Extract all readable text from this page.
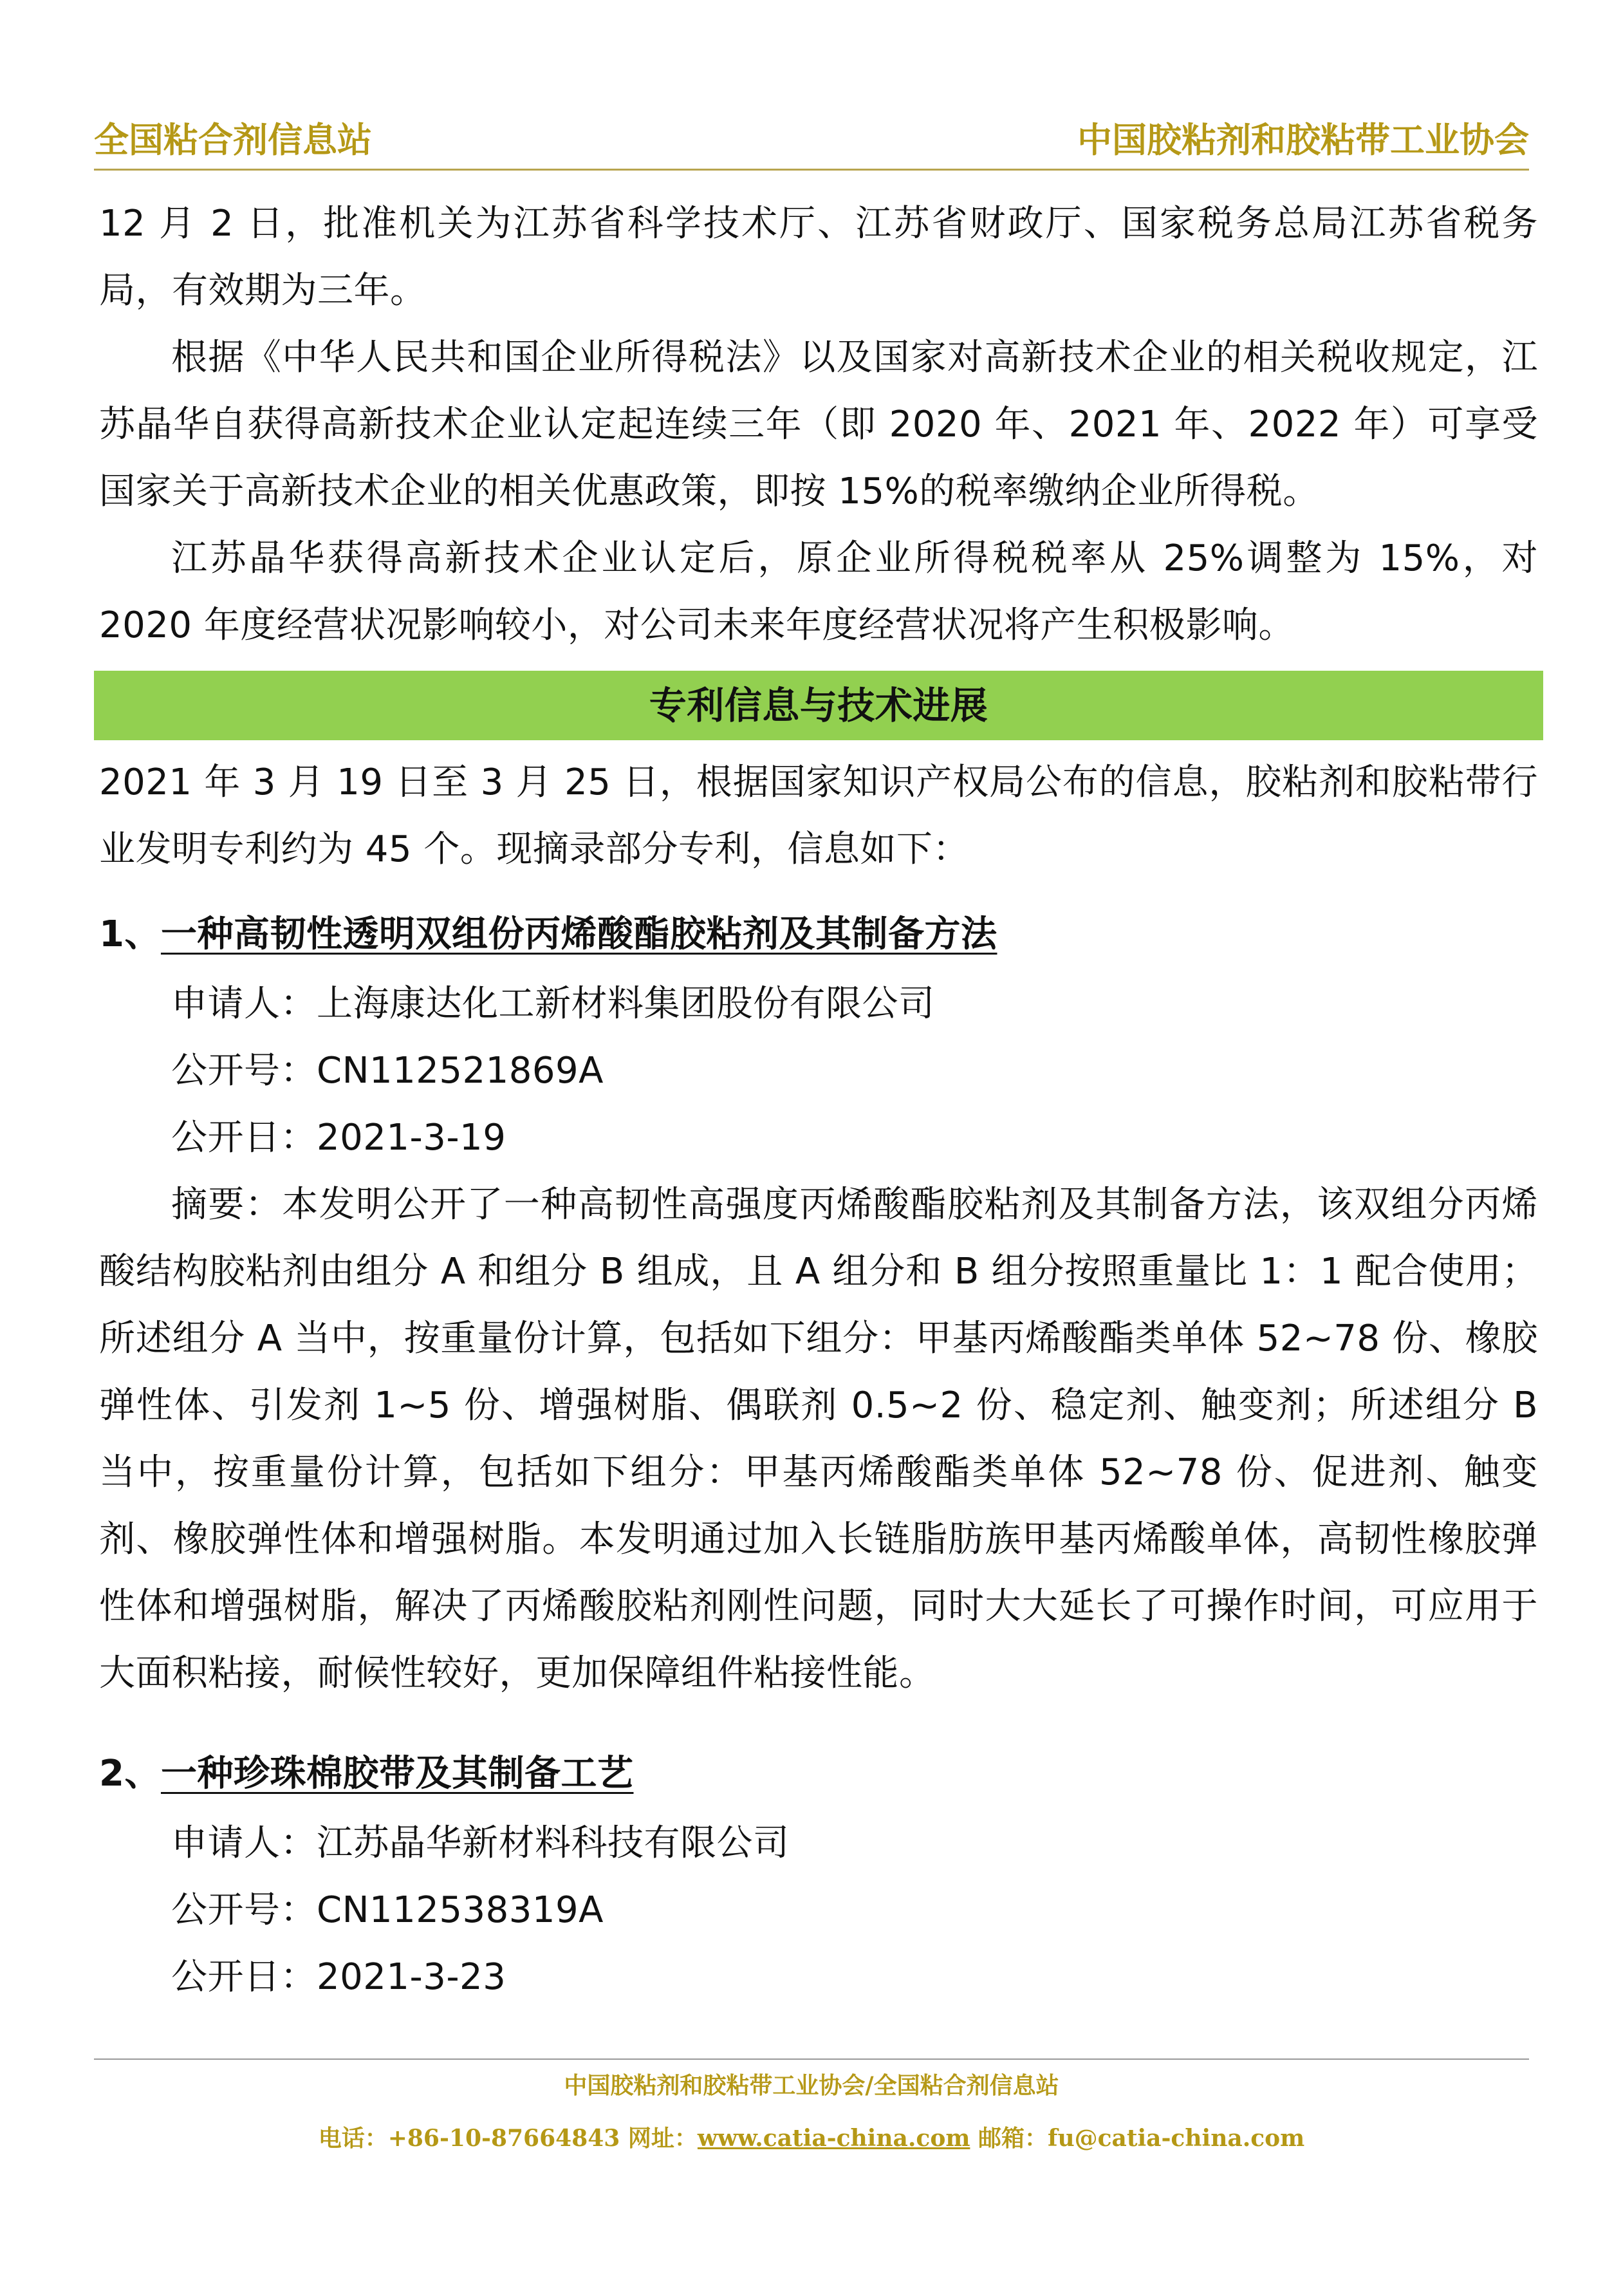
全国粘合剂信息站	中国胶粘剂和胶粘带工业协会

12 月 2 日，批准机关为江苏省科学技术厅、江苏省财政厅、国家税务总局江苏省税务局，有效期为三年。

根据《中华人民共和国企业所得税法》以及国家对高新技术企业的相关税收规定，江苏晶华自获得高新技术企业认定起连续三年（即 2020 年、2021 年、2022 年）可享受国家关于高新技术企业的相关优惠政策，即按 15%的税率缴纳企业所得税。

江苏晶华获得高新技术企业认定后，原企业所得税税率从 25%调整为 15%，对 2020 年度经营状况影响较小，对公司未来年度经营状况将产生积极影响。

专利信息与技术进展

2021 年 3 月 19 日至 3 月 25 日，根据国家知识产权局公布的信息，胶粘剂和胶粘带行业发明专利约为 45 个。现摘录部分专利，信息如下：

1、一种高韧性透明双组份丙烯酸酯胶粘剂及其制备方法

申请人：上海康达化工新材料集团股份有限公司

公开号：CN112521869A

公开日：2021-3-19

摘要：本发明公开了一种高韧性高强度丙烯酸酯胶粘剂及其制备方法，该双组分丙烯酸结构胶粘剂由组分 A 和组分 B 组成，且 A 组分和 B 组分按照重量比 1：1 配合使用；所述组分 A 当中，按重量份计算，包括如下组分：甲基丙烯酸酯类单体 52~78 份、橡胶弹性体、引发剂 1~5 份、增强树脂、偶联剂 0.5~2 份、稳定剂、触变剂；所述组分 B 当中，按重量份计算，包括如下组分：甲基丙烯酸酯类单体 52~78 份、促进剂、触变剂、橡胶弹性体和增强树脂。本发明通过加入长链脂肪族甲基丙烯酸单体，高韧性橡胶弹性体和增强树脂，解决了丙烯酸胶粘剂刚性问题，同时大大延长了可操作时间，可应用于大面积粘接，耐候性较好，更加保障组件粘接性能。

2、一种珍珠棉胶带及其制备工艺

申请人：江苏晶华新材料科技有限公司

公开号：CN112538319A

公开日：2021-3-23

中国胶粘剂和胶粘带工业协会/全国粘合剂信息站
电话：+86-10-87664843 网址：www.catia-china.com 邮箱：fu@catia-china.com
